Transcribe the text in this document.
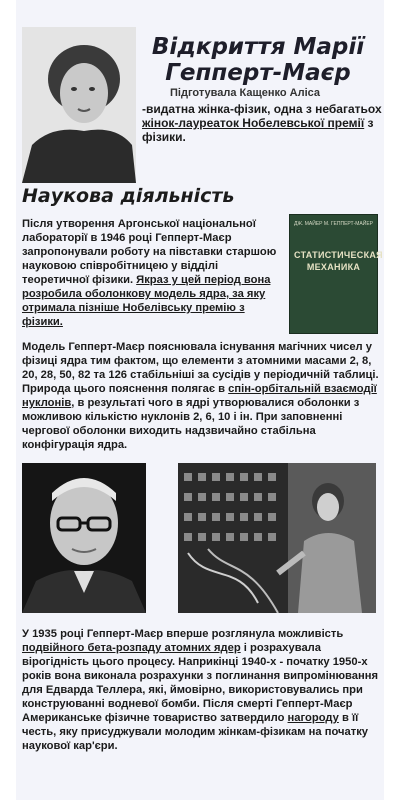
Відкриття Марії Гепперт-Маєр

Підготувала Кащенко Аліса

-видатна жінка-фізик, одна з небагатьох жінок-лауреаток Нобелевської премії з фізики.

Наукова діяльність

Після утворення Аргонської національної лабораторії в 1946 році Гепперт-Маєр запропонували роботу на півставки старшою науковою співробітницею у відділі теоретичної фізики. Якраз у цей період вона розробила оболонкову модель ядра, за яку отримала пізніше Нобелівську премію з фізики.

ДЖ. МАЙЕР М. ГЕППЕРТ-МАЙЕР
СТАТИСТИЧЕСКАЯ МЕХАНИКА

Модель Гепперт-Маєр пояснювала існування магічних чисел у фізиці ядра тим фактом, що елементи з атомними масами 2, 8, 20, 28, 50, 82 та 126 стабільніші за сусідів у періодичній таблиці. Природа цього пояснення полягає в спін-орбітальній взаємодії нуклонів, в результаті чого в ядрі утворювалися оболонки з можливою кількістю нуклонів 2, 6, 10 і ін. При заповненні чергової оболонки виходить надзвичайно стабільна конфігурація ядра.

У 1935 році Гепперт-Маєр вперше розглянула можливість подвійного бета-розпаду атомних ядер і розрахувала вірогідність цього процесу. Наприкінці 1940-х - початку 1950-х років вона виконала розрахунки з поглинання випромінювання для Едварда Теллера, які, ймовірно, використовувались при конструюванні водневої бомби. Після смерті Гепперт-Маєр Американське фізичне товариство затвердило нагороду в її честь, яку присуджували молодим жінкам-фізикам на початку наукової кар'єри.
